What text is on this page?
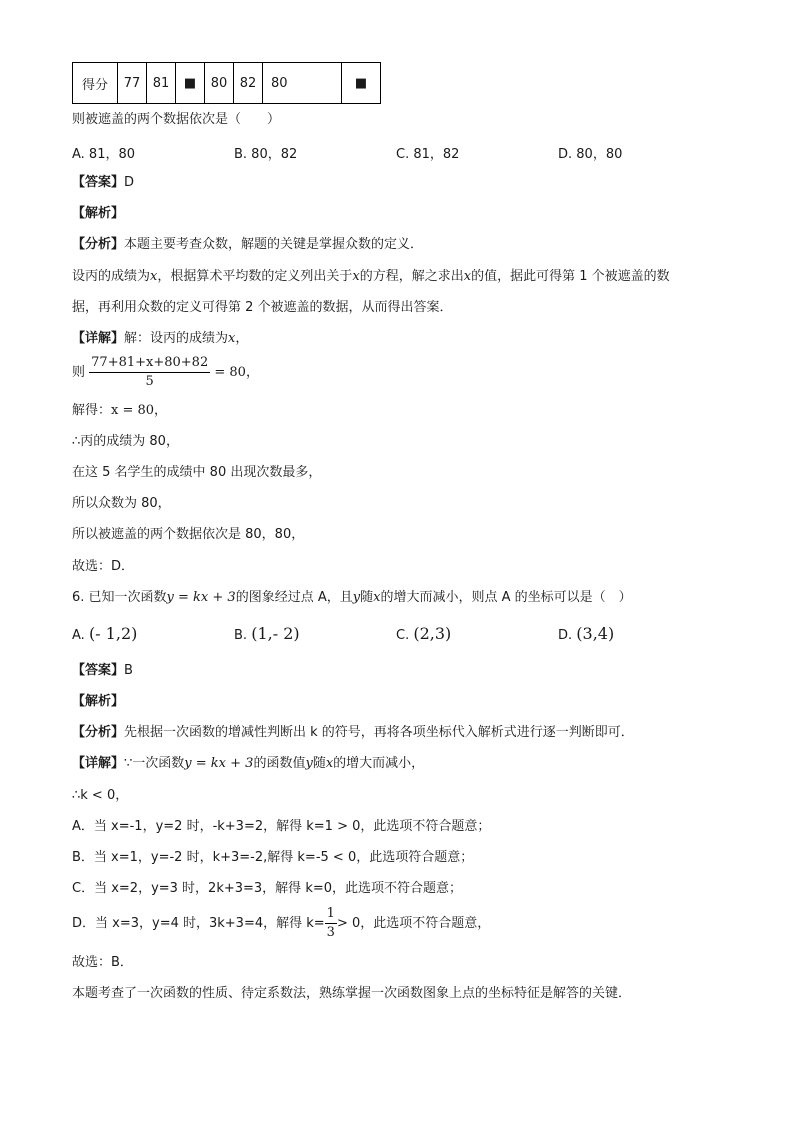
得分	77	81	■	80	82	80	■
则被遮盖的两个数据依次是（　　）
A. 81，80	B. 80，82	C. 81，82	D. 80，80
【答案】D
【解析】
【分析】本题主要考查众数，解题的关键是掌握众数的定义．
设丙的成绩为x，根据算术平均数的定义列出关于x的方程，解之求出x的值，据此可得第 1 个被遮盖的数
据，再利用众数的定义可得第 2 个被遮盖的数据，从而得出答案．
【详解】解：设丙的成绩为x，
则 $\frac{77+81+x+80+82}{5} = 80$，
解得：x = 80，
∴丙的成绩为 80，
在这 5 名学生的成绩中 80 出现次数最多，
所以众数为 80，
所以被遮盖的两个数据依次是 80，80，
故选：D．
6. 已知一次函数y = kx + 3的图象经过点 A，且y随x的增大而减小，则点 A 的坐标可以是（　）
A. (- 1,2)	B. (1,- 2)	C. (2,3)	D. (3,4)
【答案】B
【解析】
【分析】先根据一次函数的增减性判断出 k 的符号，再将各项坐标代入解析式进行逐一判断即可．
【详解】∵一次函数y = kx + 3的函数值y随x的增大而减小，
∴k < 0，
A．当 x=-1，y=2 时，-k+3=2，解得 k=1 > 0，此选项不符合题意；
B．当 x=1，y=-2 时，k+3=-2,解得 k=-5 < 0，此选项符合题意；
C．当 x=2，y=3 时，2k+3=3，解得 k=0，此选项不符合题意；
D．当 x=3，y=4 时，3k+3=4，解得 $k= \frac{1}{3} > 0$，此选项不符合题意，
故选：B．
本题考查了一次函数的性质、待定系数法，熟练掌握一次函数图象上点的坐标特征是解答的关键．
